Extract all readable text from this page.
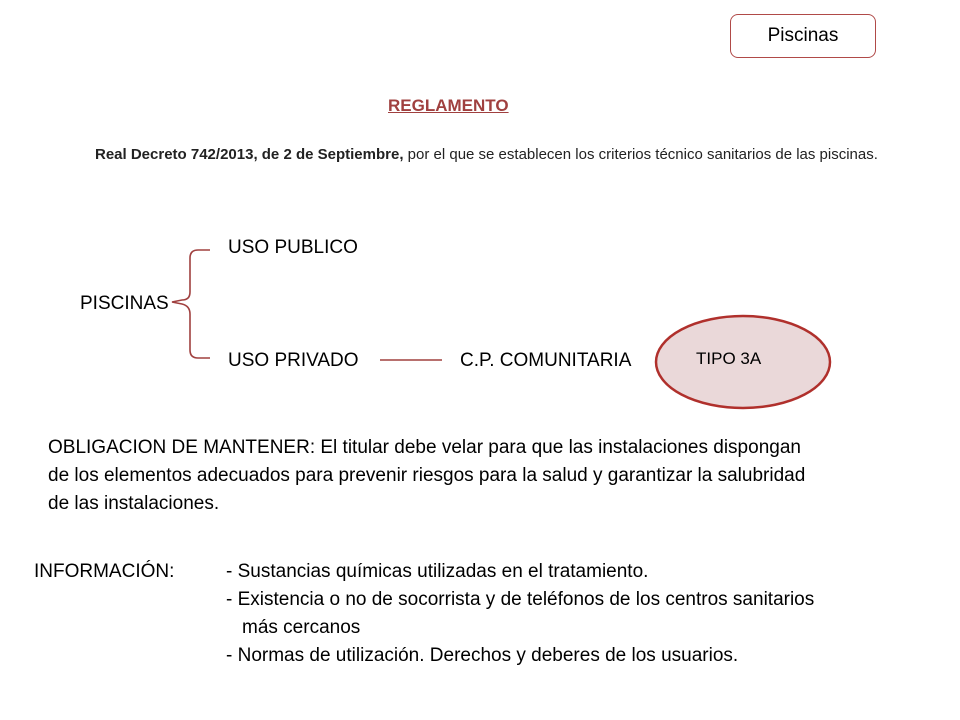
Piscinas
REGLAMENTO
Real Decreto 742/2013, de 2 de Septiembre, por el que se establecen los criterios técnico sanitarios de las piscinas.
PISCINAS
USO PUBLICO
USO PRIVADO	C.P. COMUNITARIA	TIPO 3A
OBLIGACION DE MANTENER: El titular debe velar para que las instalaciones dispongan
de los elementos adecuados para prevenir riesgos para la salud y garantizar la salubridad
de las instalaciones.
INFORMACIÓN:	- Sustancias químicas utilizadas en el tratamiento.
- Existencia o no de socorrista y de teléfonos de los centros sanitarios
más cercanos
- Normas de utilización. Derechos y deberes de los usuarios.
